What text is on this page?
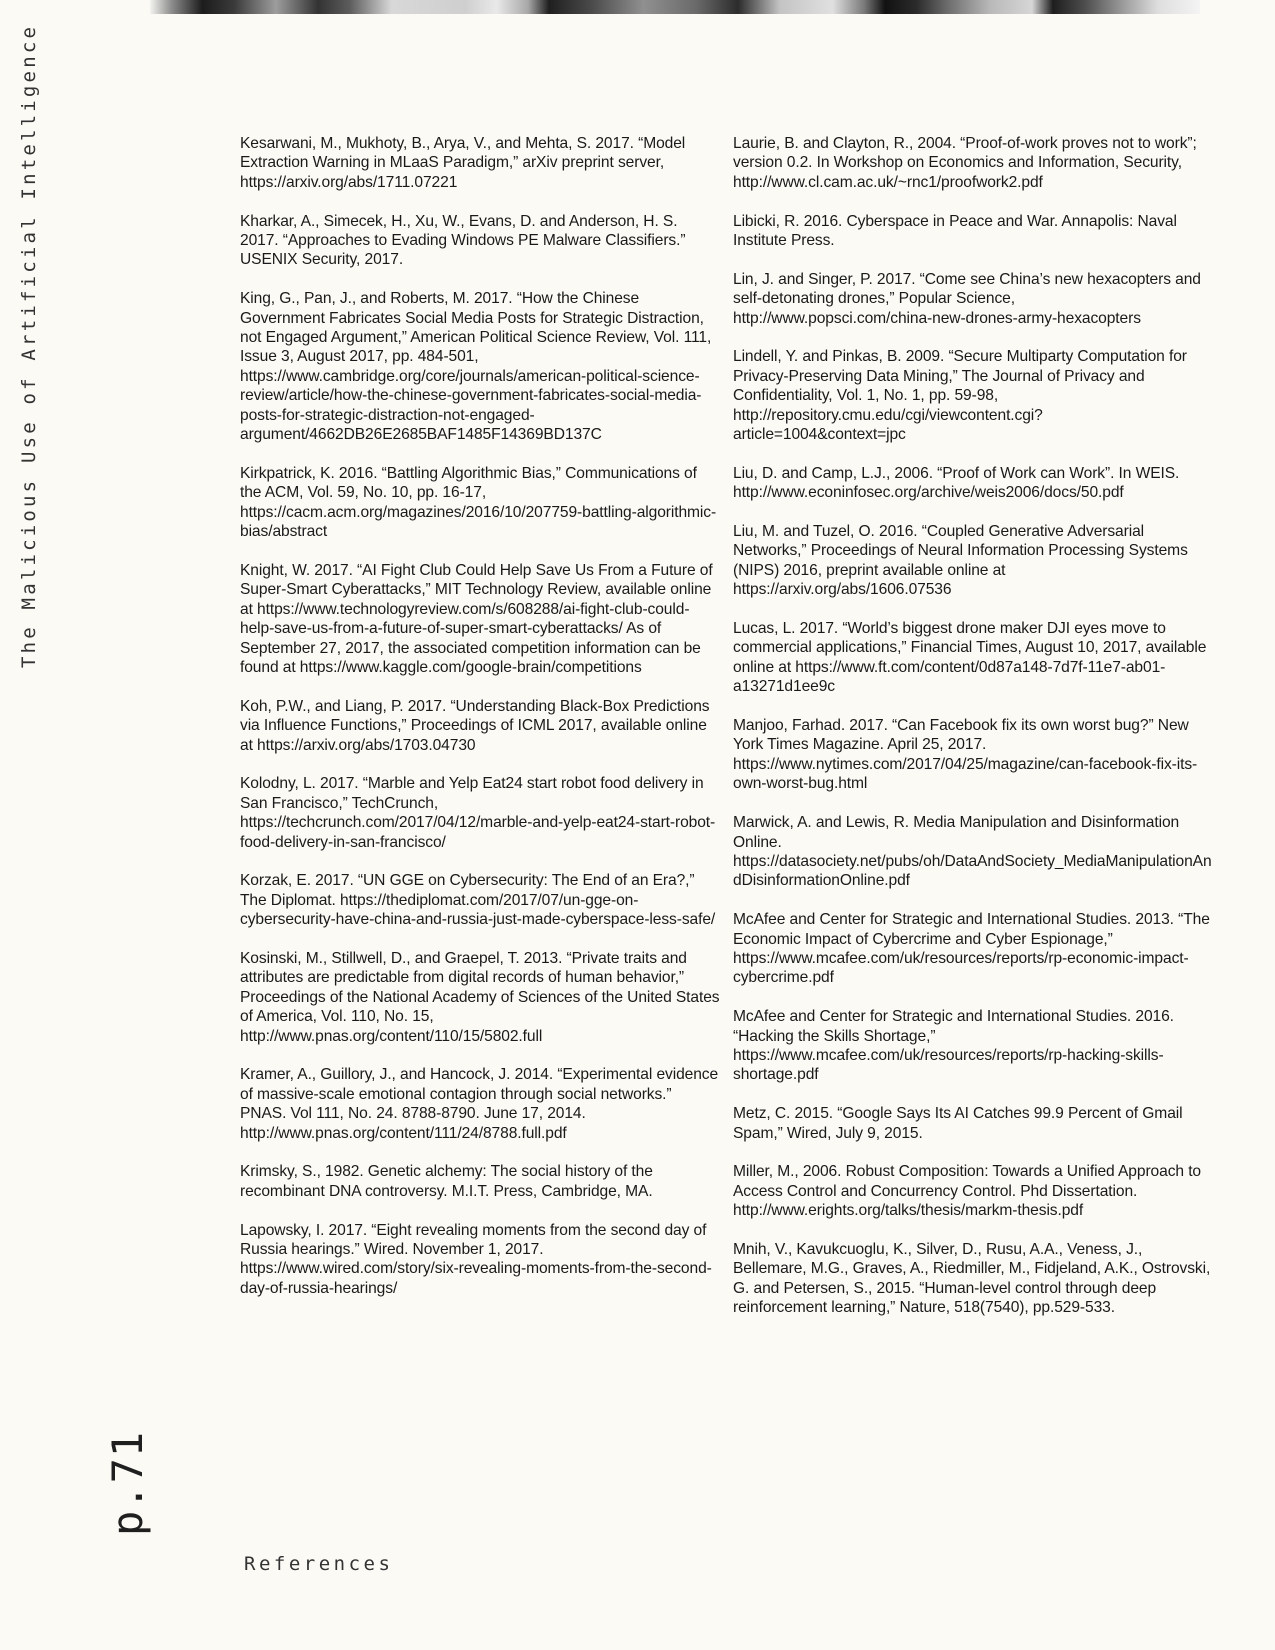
The Malicious Use of Artificial Intelligence
p.71
References

Kesarwani, M., Mukhoty, B., Arya, V., and Mehta, S. 2017. “Model Extraction Warning in MLaaS Paradigm,” arXiv preprint server, https://arxiv.org/abs/1711.07221

Kharkar, A., Simecek, H., Xu, W., Evans, D. and Anderson, H. S. 2017. “Approaches to Evading Windows PE Malware Classifiers.” USENIX Security, 2017.

King, G., Pan, J., and Roberts, M. 2017. “How the Chinese Government Fabricates Social Media Posts for Strategic Distraction, not Engaged Argument,” American Political Science Review, Vol. 111, Issue 3, August 2017, pp. 484-501, https://www.cambridge.org/core/journals/american-political-science-review/article/how-the-chinese-government-fabricates-social-media-posts-for-strategic-distraction-not-engaged-argument/4662DB26E2685BAF1485F14369BD137C

Kirkpatrick, K. 2016. “Battling Algorithmic Bias,” Communications of the ACM, Vol. 59, No. 10, pp. 16-17, https://cacm.acm.org/magazines/2016/10/207759-battling-algorithmic-bias/abstract

Knight, W. 2017. “AI Fight Club Could Help Save Us From a Future of Super-Smart Cyberattacks,” MIT Technology Review, available online at https://www.technologyreview.com/s/608288/ai-fight-club-could-help-save-us-from-a-future-of-super-smart-cyberattacks/ As of September 27, 2017, the associated competition information can be found at https://www.kaggle.com/google-brain/competitions

Koh, P.W., and Liang, P. 2017. “Understanding Black-Box Predictions via Influence Functions,” Proceedings of ICML 2017, available online at https://arxiv.org/abs/1703.04730

Kolodny, L. 2017. “Marble and Yelp Eat24 start robot food delivery in San Francisco,” TechCrunch, https://techcrunch.com/2017/04/12/marble-and-yelp-eat24-start-robot-food-delivery-in-san-francisco/

Korzak, E. 2017. “UN GGE on Cybersecurity: The End of an Era?,” The Diplomat. https://thediplomat.com/2017/07/un-gge-on-cybersecurity-have-china-and-russia-just-made-cyberspace-less-safe/

Kosinski, M., Stillwell, D., and Graepel, T. 2013. “Private traits and attributes are predictable from digital records of human behavior,” Proceedings of the National Academy of Sciences of the United States of America, Vol. 110, No. 15, http://www.pnas.org/content/110/15/5802.full

Kramer, A., Guillory, J., and Hancock, J. 2014. “Experimental evidence of massive-scale emotional contagion through social networks.” PNAS. Vol 111, No. 24. 8788-8790. June 17, 2014. http://www.pnas.org/content/111/24/8788.full.pdf

Krimsky, S., 1982. Genetic alchemy: The social history of the recombinant DNA controversy. M.I.T. Press, Cambridge, MA.

Lapowsky, I. 2017. “Eight revealing moments from the second day of Russia hearings.” Wired. November 1, 2017. https://www.wired.com/story/six-revealing-moments-from-the-second-day-of-russia-hearings/

Laurie, B. and Clayton, R., 2004. “Proof-of-work proves not to work”; version 0.2. In Workshop on Economics and Information, Security, http://www.cl.cam.ac.uk/~rnc1/proofwork2.pdf

Libicki, R. 2016. Cyberspace in Peace and War. Annapolis: Naval Institute Press.

Lin, J. and Singer, P. 2017. “Come see China’s new hexacopters and self-detonating drones,” Popular Science, http://www.popsci.com/china-new-drones-army-hexacopters

Lindell, Y. and Pinkas, B. 2009. “Secure Multiparty Computation for Privacy-Preserving Data Mining,” The Journal of Privacy and Confidentiality, Vol. 1, No. 1, pp. 59-98, http://repository.cmu.edu/cgi/viewcontent.cgi?article=1004&context=jpc

Liu, D. and Camp, L.J., 2006. “Proof of Work can Work”. In WEIS. http://www.econinfosec.org/archive/weis2006/docs/50.pdf

Liu, M. and Tuzel, O. 2016. “Coupled Generative Adversarial Networks,” Proceedings of Neural Information Processing Systems (NIPS) 2016, preprint available online at https://arxiv.org/abs/1606.07536

Lucas, L. 2017. “World’s biggest drone maker DJI eyes move to commercial applications,” Financial Times, August 10, 2017, available online at https://www.ft.com/content/0d87a148-7d7f-11e7-ab01-a13271d1ee9c

Manjoo, Farhad. 2017. “Can Facebook fix its own worst bug?” New York Times Magazine. April 25, 2017. https://www.nytimes.com/2017/04/25/magazine/can-facebook-fix-its-own-worst-bug.html

Marwick, A. and Lewis, R. Media Manipulation and Disinformation Online. https://datasociety.net/pubs/oh/DataAndSociety_MediaManipulationAndDisinformationOnline.pdf

McAfee and Center for Strategic and International Studies. 2013. “The Economic Impact of Cybercrime and Cyber Espionage,” https://www.mcafee.com/uk/resources/reports/rp-economic-impact-cybercrime.pdf

McAfee and Center for Strategic and International Studies. 2016. “Hacking the Skills Shortage,” https://www.mcafee.com/uk/resources/reports/rp-hacking-skills-shortage.pdf

Metz, C. 2015. “Google Says Its AI Catches 99.9 Percent of Gmail Spam,” Wired, July 9, 2015.

Miller, M., 2006. Robust Composition: Towards a Unified Approach to Access Control and Concurrency Control. Phd Dissertation. http://www.erights.org/talks/thesis/markm-thesis.pdf

Mnih, V., Kavukcuoglu, K., Silver, D., Rusu, A.A., Veness, J., Bellemare, M.G., Graves, A., Riedmiller, M., Fidjeland, A.K., Ostrovski, G. and Petersen, S., 2015. “Human-level control through deep reinforcement learning,” Nature, 518(7540), pp.529-533.
